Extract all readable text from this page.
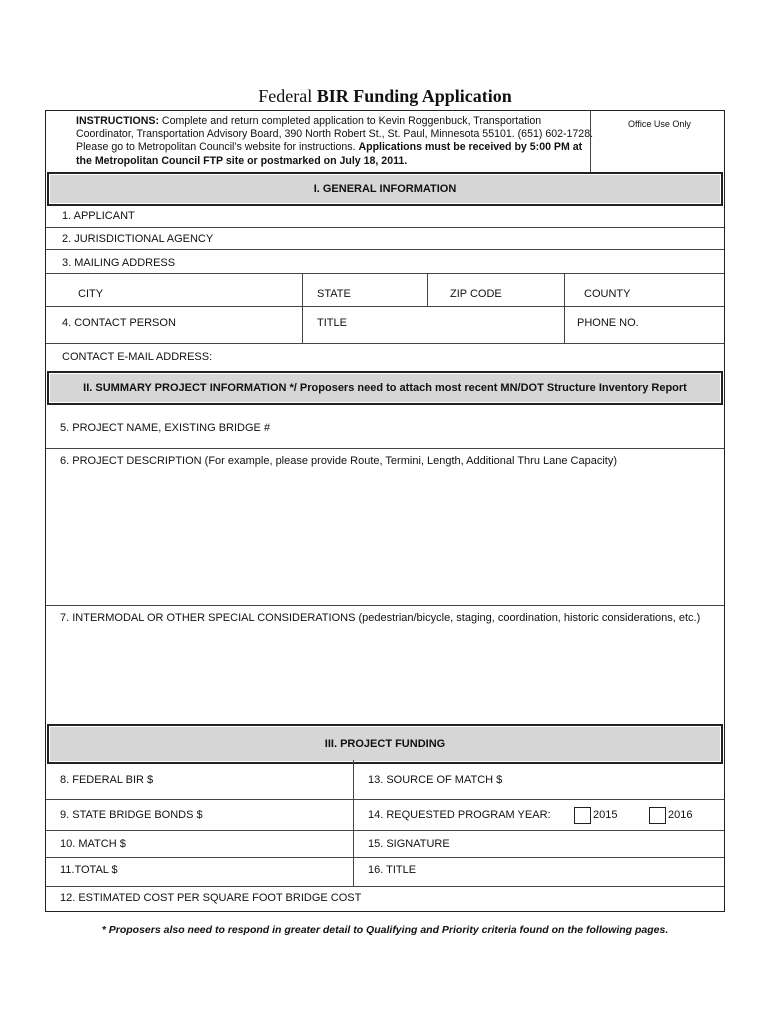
Federal BIR Funding Application
INSTRUCTIONS: Complete and return completed application to Kevin Roggenbuck, Transportation Coordinator, Transportation Advisory Board, 390 North Robert St., St. Paul, Minnesota 55101. (651) 602-1728. Please go to Metropolitan Council’s website for instructions. Applications must be received by 5:00 PM at the Metropolitan Council FTP site or postmarked on July 18, 2011.
Office Use Only
I. GENERAL INFORMATION
1. APPLICANT
2. JURISDICTIONAL AGENCY
3. MAILING ADDRESS
CITY	STATE	ZIP CODE	COUNTY
4. CONTACT PERSON	TITLE	PHONE NO.
CONTACT E-MAIL ADDRESS:
II. SUMMARY PROJECT INFORMATION */ Proposers need to attach most recent MN/DOT Structure Inventory Report
5. PROJECT NAME, EXISTING BRIDGE #
6. PROJECT DESCRIPTION (For example, please provide Route, Termini, Length, Additional Thru Lane Capacity)
7. INTERMODAL OR OTHER SPECIAL CONSIDERATIONS (pedestrian/bicycle, staging, coordination, historic considerations, etc.)
III. PROJECT FUNDING
8. FEDERAL BIR $	13. SOURCE OF MATCH $
9. STATE BRIDGE BONDS $	14. REQUESTED PROGRAM YEAR:	2015	2016
10. MATCH $	15. SIGNATURE
11.TOTAL $	16. TITLE
12. ESTIMATED COST PER SQUARE FOOT BRIDGE COST
* Proposers also need to respond in greater detail to Qualifying and Priority criteria found on the following pages.
